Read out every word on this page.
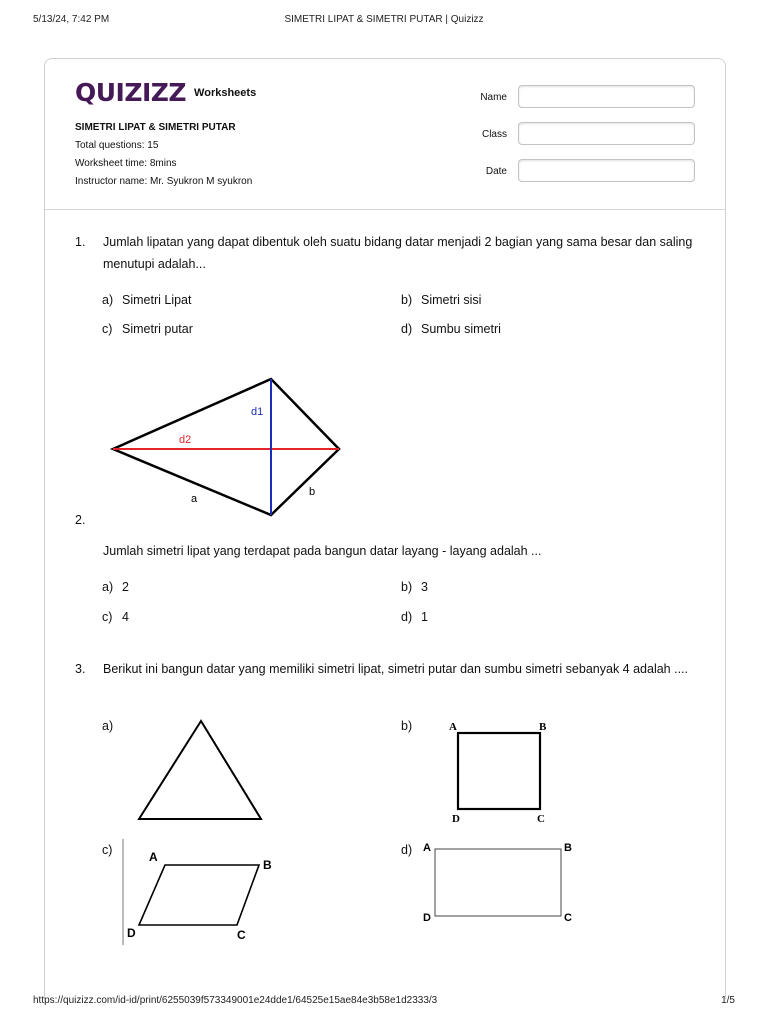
5/13/24, 7:42 PM	SIMETRI LIPAT & SIMETRI PUTAR | Quizizz
QUIZIZZ Worksheets
SIMETRI LIPAT & SIMETRI PUTAR
Total questions: 15
Worksheet time: 8mins
Instructor name: Mr. Syukron M syukron
Name
Class
Date
1. Jumlah lipatan yang dapat dibentuk oleh suatu bidang datar menjadi 2 bagian yang sama besar dan saling menutupi adalah...
a) Simetri Lipat	b) Simetri sisi
c) Simetri putar	d) Sumbu simetri
d1
d2
a
b
2.
Jumlah simetri lipat yang terdapat pada bangun datar layang - layang adalah ...
a) 2	b) 3
c) 4	d) 1
3. Berikut ini bangun datar yang memiliki simetri lipat, simetri putar dan sumbu simetri sebanyak 4 adalah ....
a)	b)	A	B
C
D
c)	A
B
C
D
d) A	B
C
D
https://quizizz.com/id-id/print/6255039f573349001e24dde1/64525e15ae84e3b58e1d2333/3	1/5
